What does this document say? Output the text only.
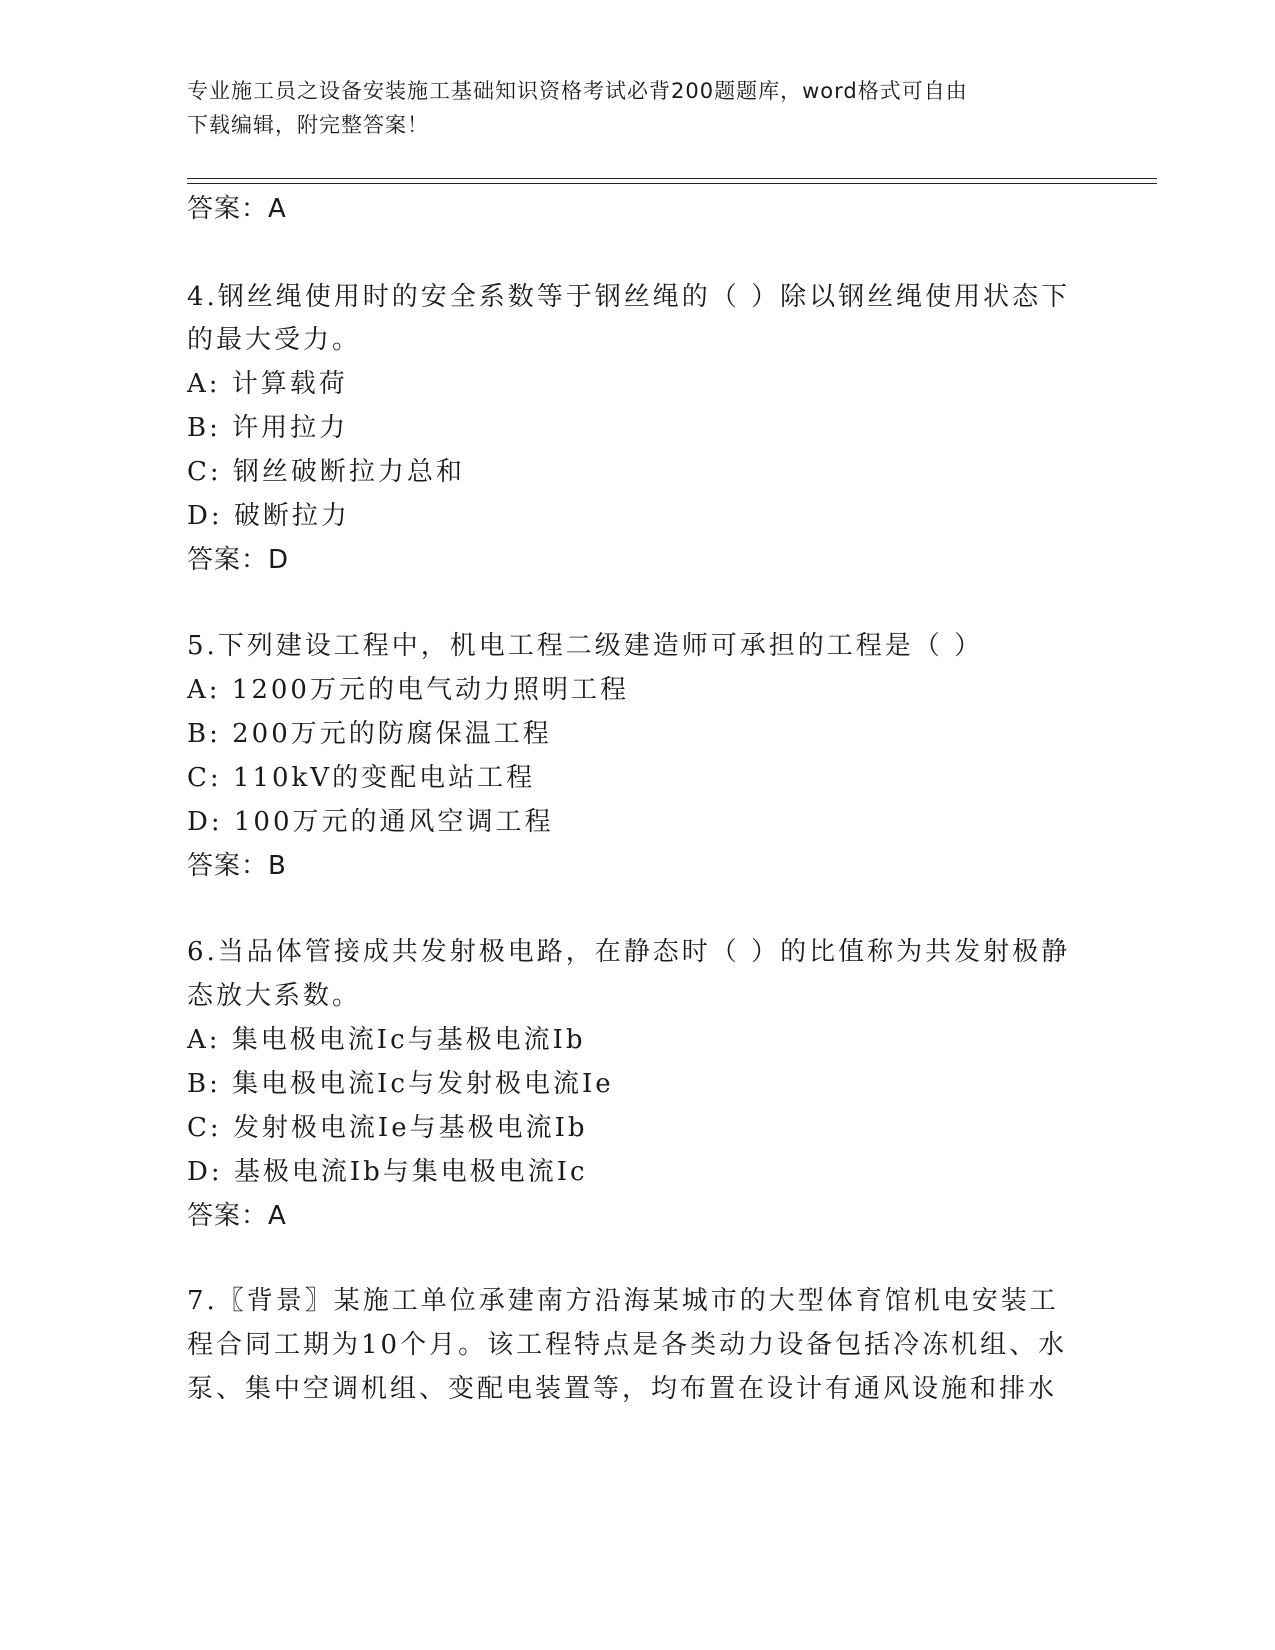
专业施工员之设备安装施工基础知识资格考试必背200题题库，word格式可自由
下载编辑，附完整答案！
答案：A
4.钢丝绳使用时的安全系数等于钢丝绳的（ ）除以钢丝绳使用状态下
的最大受力。
A: 计算载荷
B: 许用拉力
C: 钢丝破断拉力总和
D: 破断拉力
答案：D
5.下列建设工程中，机电工程二级建造师可承担的工程是（ ）
A: 1200万元的电气动力照明工程
B: 200万元的防腐保温工程
C: 110kV的变配电站工程
D: 100万元的通风空调工程
答案：B
6.当品体管接成共发射极电路，在静态时（ ）的比值称为共发射极静
态放大系数。
A: 集电极电流Ic与基极电流Ib
B: 集电极电流Ic与发射极电流Ie
C: 发射极电流Ie与基极电流Ib
D: 基极电流Ib与集电极电流Ic
答案：A
7.〖背景〗某施工单位承建南方沿海某城市的大型体育馆机电安装工
程合同工期为10个月。该工程特点是各类动力设备包括冷冻机组、水
泵、集中空调机组、变配电装置等，均布置在设计有通风设施和排水
